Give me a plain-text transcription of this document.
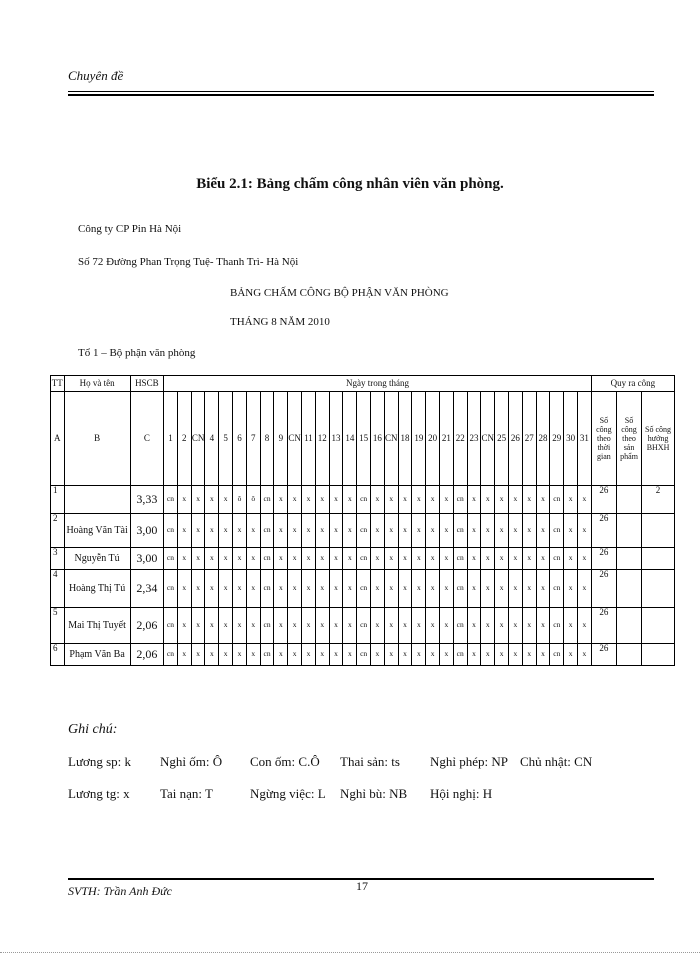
Chuyên đề
Biểu 2.1: Bảng chấm công nhân viên văn phòng.
Công ty CP Pin Hà Nội
Số 72 Đường Phan Trọng Tuệ- Thanh Trì- Hà Nội
BẢNG CHẤM CÔNG BỘ PHẬN VĂN PHÒNG
THÁNG 8 NĂM 2010
Tổ 1 – Bộ phận văn phòng
TT	Họ và tên	HSCB	Ngày trong tháng																															Quy ra công		
A	B	C	1	2	CN	4	5	6	7	8	9	CN	11	12	13	14	15	16	CN	18	19	20	21	22	23	CN	25	26	27	28	29	30	31	Số công theo thời gian	Số công theo sản phẩm	Số công hưởng BHXH
1		3,33	cn	x	x	x	x	ô	ô	cn	x	x	x	x	x	x	cn	x	x	x	x	x	x	cn	x	x	x	x	x	x	cn	x	x	26		2
2	Hoàng Văn Tài	3,00	cn	x	x	x	x	x	x	cn	x	x	x	x	x	x	cn	x	x	x	x	x	x	cn	x	x	x	x	x	x	cn	x	x	26		
3	Nguyễn Tú	3,00	cn	x	x	x	x	x	x	cn	x	x	x	x	x	x	cn	x	x	x	x	x	x	cn	x	x	x	x	x	x	cn	x	x	26		
4	Hoàng Thị Tú	2,34	cn	x	x	x	x	x	x	cn	x	x	x	x	x	x	cn	x	x	x	x	x	x	cn	x	x	x	x	x	x	cn	x	x	26		
5	Mai Thị Tuyết	2,06	cn	x	x	x	x	x	x	cn	x	x	x	x	x	x	cn	x	x	x	x	x	x	cn	x	x	x	x	x	x	cn	x	x	26		
6	Phạm Văn Ba	2,06	cn	x	x	x	x	x	x	cn	x	x	x	x	x	x	cn	x	x	x	x	x	x	cn	x	x	x	x	x	x	cn	x	x	26		
Ghi chú:
Lương sp: k Nghỉ ốm: Ô Con ốm: C.Ô Thai sản: ts Nghỉ phép: NP Chủ nhật: CN
Lương tg: x Tai nạn: T	Ngừng việc: L Nghỉ bù: NB Hội nghị: H
SVTH: Trần Anh Đức	17
